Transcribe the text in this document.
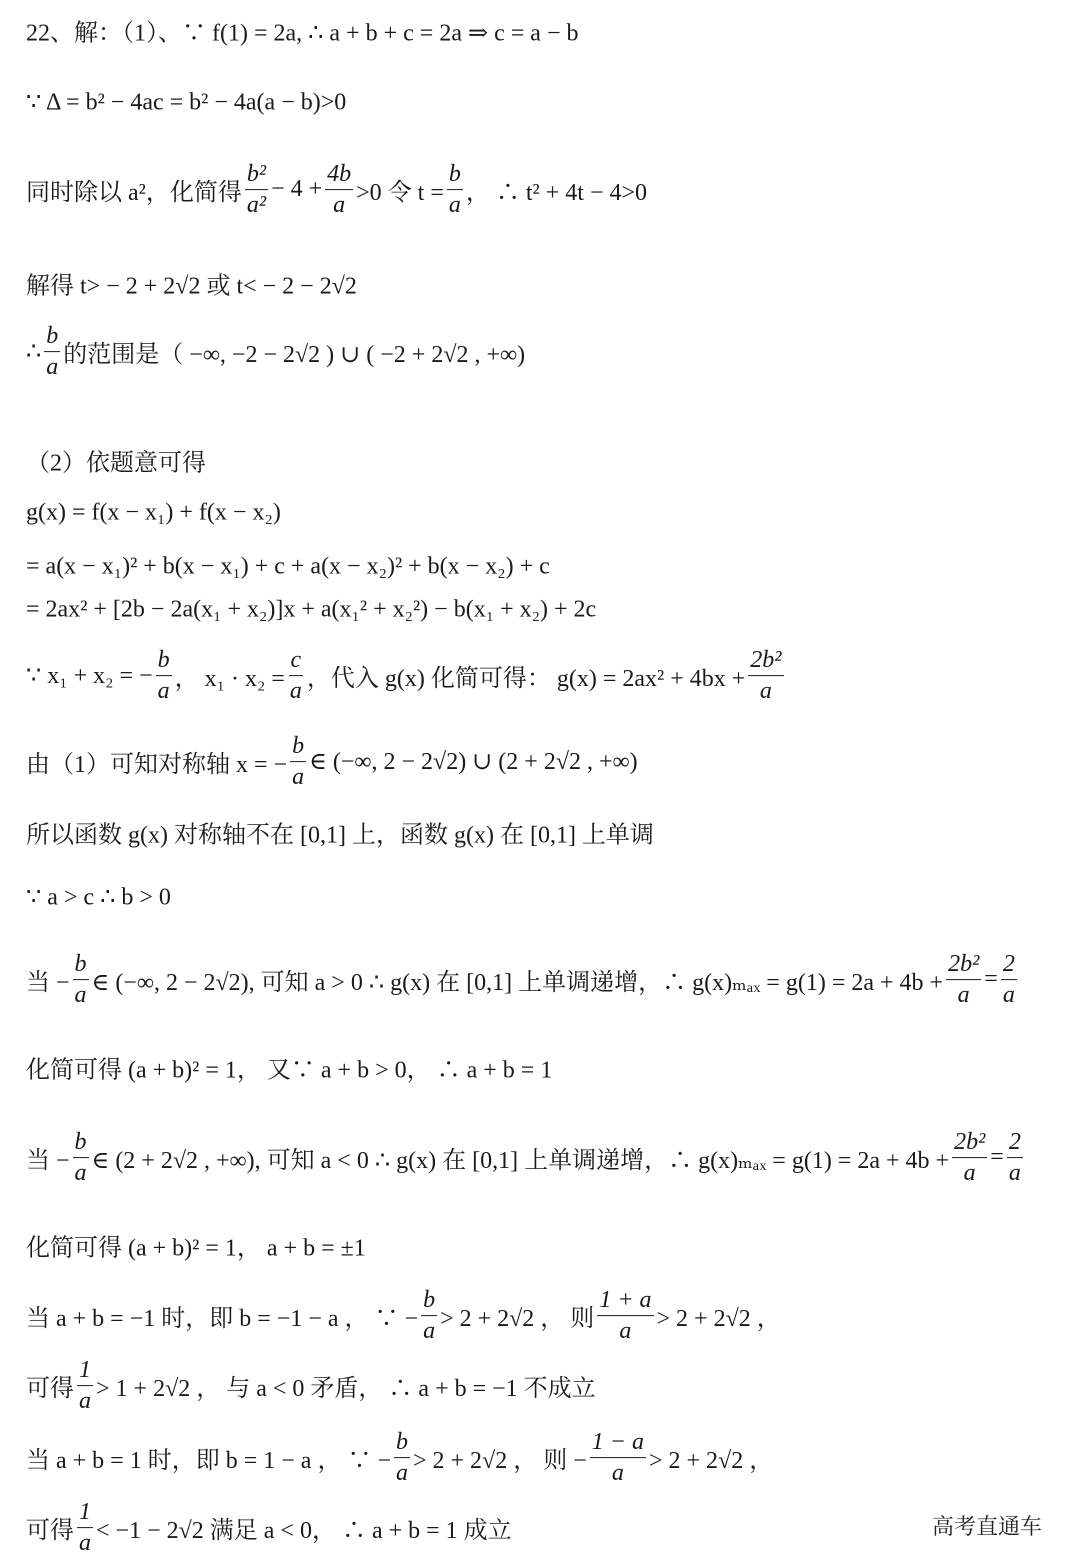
高考直通车
22、解：（1）、∵ f(1) = 2a, ∴ a + b + c = 2a ⇒ c = a − b
∵ Δ = b² − 4ac = b² − 4a(a − b)>0
同时除以 a²，化简得 $\frac{\text{b²}}{\text{a²}} - 4 + \frac{4b}{a} >0$ 令 $t = \frac{b}{a}$ ， ∴ t² + 4t − 4>0
解得 t> − 2 + 2√2 或 t< − 2 − 2√2
∴ $\frac{b}{a}$ 的范围是（ −∞, −2 − 2√2 ) ∪ ( −2 + 2√2 , +∞)
（2）依题意可得
g(x) = f(x − x₁) + f(x − x₂)
= a(x − x₁)² + b(x − x₁) + c + a(x − x₂)² + b(x − x₂) + c
= 2ax² + [2b − 2a(x₁ + x₂)]x + a(x₁² + x₂²) − b(x₁ + x₂) + 2c
∵ x₁ + x₂ = − $\frac{b}{a}$ ， $x_1 \cdot x_2 = \frac{c}{a}$ ，代入 g(x) 化简可得： $g(x) = 2ax^2 + 4bx + \frac{\text{2b²}}{a}$
由（1）可知对称轴 x = − $\frac{b}{a}$ ∈ (−∞, 2 − 2√2) ∪ (2 + 2√2 , +∞)
所以函数 g(x) 对称轴不在 [0,1] 上，函数 g(x) 在 [0,1] 上单调
∵ a > c ∴ b > 0
当 − $\frac{b}{a}$ ∈ (−∞, 2 − 2√2), 可知 a > 0 ∴ g(x) 在 [0,1] 上单调递增，∴ $g(x)_{max} = g(1) = 2a + 4b + \frac{\text{2b²}}{a} = \frac{2}{a}$
化简可得 (a + b)² = 1， 又∵ a + b > 0， ∴ a + b = 1
当 − $\frac{b}{a}$ ∈ (2 + 2√2 , +∞), 可知 a < 0 ∴ g(x) 在 [0,1] 上单调递增，∴ $g(x)_{max} = g(1) = 2a + 4b + \frac{\text{2b²}}{a} = \frac{2}{a}$
化简可得 (a + b)² = 1， a + b = ±1
当 a + b = −1 时，即 b = −1 − a ， ∵ − $\frac{b}{a} > 2 + 2√2$ ， 则 $\frac{1 + a}{a} > 2 + 2√2$ ，
可得 $\frac{1}{a} > 1 + 2√2$ ， 与 a < 0 矛盾， ∴ a + b = −1 不成立
当 a + b = 1 时，即 b = 1 − a ， ∵ − $\frac{b}{a} > 2 + 2√2$ ， 则 − $\frac{1 - a}{a} > 2 + 2√2$ ，
可得 $\frac{1}{a} < -1 - 2√2$ 满足 a < 0， ∴ a + b = 1 成立
